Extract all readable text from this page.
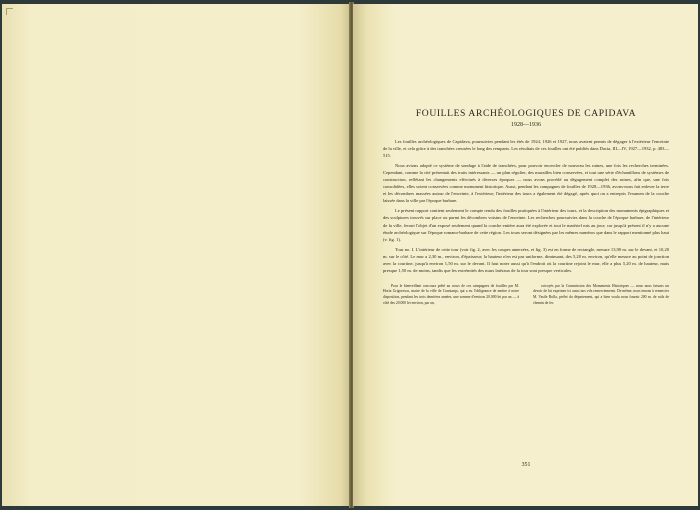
FOUILLES ARCHÉOLOGIQUES DE CAPIDAVA
1928—1936

Les fouilles archéologiques de Capidava, poursuivies pendant les étés de 1924, 1926 et 1927, nous avaient permis de dégager à l'extérieur l'enceinte de la ville, et cela grâce à des tranchées creusées le long des remparts. Les résultats de ces fouilles ont été publiés dans Dacia, III—IV, 1927—1932, p. 483—515.

Nous avions adopté ce système de sondage à l'aide de tranchées, pour pouvoir encercler de nouveau les ruines, une fois les recherches terminées. Cependant, comme la cité présentait des traits intéressants — un plan régulier, des murailles bien conservées, et tout une série d'échantillons de systèmes de construction, reflétant les changements effectués à diverses époques — nous avons procédé au dégagement complet des ruines, afin que, une fois consolidées, elles soient conservées comme monument historique. Aussi, pendant les campagnes de fouilles de 1928—1936, avons-nous fait enlever la terre et les décombres massées autour de l'enceinte, à l'extérieur; l'intérieur des tours a également été dégagé, après quoi on a entrepris l'examen de la couche laissée dans la ville par l'époque barbare.

Le présent rapport contient seulement le compte rendu des fouilles pratiquées à l'intérieur des tours, et la description des monuments épigraphiques et des sculptures trouvés sur place ou parmi les décombres voisins de l'enceinte. Les recherches poursuivies dans la couche de l'époque barbare, de l'intérieur de la ville, feront l'objet d'un exposé seulement quand la couche entière aura été explorée et tout le matériel mis au jour; car jusqu'à présent il n'y a aucune étude archéologique sur l'époque romano-barbare de cette région. Les tours seront désignées par les mêmes numéros que dans le rapport mentionné plus haut (v. fig. 1).

Tour no. I. L'intérieur de cette tour (voir fig. 2, avec les coupes annexées, et fig. 3) est en forme de rectangle, mesure 13,90 m. sur le devant, et 10,20 m. sur le côté. Le mur a 2,30 m., environ, d'épaisseur; la hauteur n'en est pas uniforme, diminuant, des 5,20 m. environ, qu'elle mesure au point de jonction avec la courtine, jusqu'à environ 1,50 m. sur le devant. Il faut noter aussi qu'à l'endroit où la courtine rejoint le mur, elle a plus 5,20 m. de hauteur, mais presque 1,50 m. de moins, tandis que les extrémités des murs latéraux de la tour sont presque verticales.

Pour le bienveillant concours prêté au cours de ces campagnes de fouilles par M. Horia Grigorescu, maire de la ville de Constanţa, qui a eu l'obligeance de mettre à notre disposition, pendant les trois dernières années, une somme d'environ 20.000 lei par an — à côté des 20.000 lei environ, par an,

octroyés par la Commission des Monuments Historiques — nous nous faisons un devoir de lui exprimer ici aussi nos vifs remerciements. De même, nous tenons à remercier M. Vasile Bolla, préfet du département, qui a bien voulu nous fournir 200 m. de rails de chemin de fer.

351
